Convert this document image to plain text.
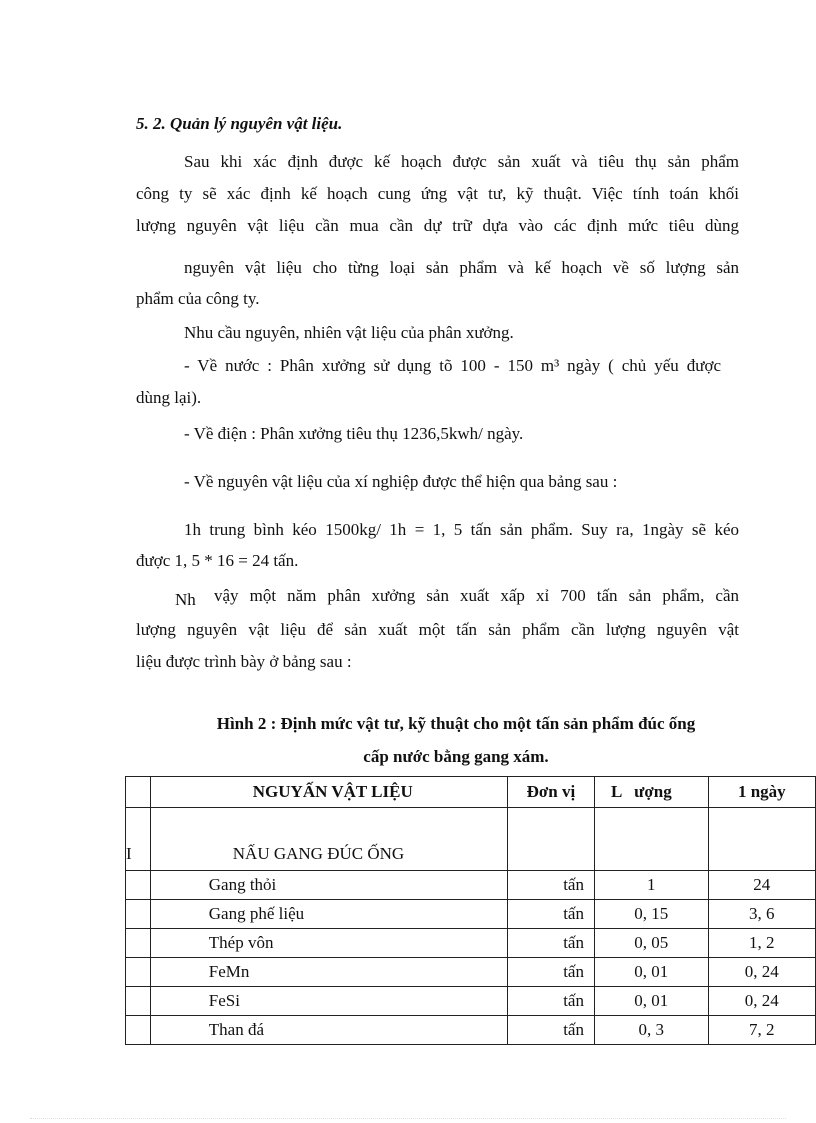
5. 2. Quản lý nguyên vật liệu.
Sau khi xác định được kế hoạch được sản xuất và tiêu thụ sản phẩm
công ty sẽ xác định kế hoạch cung ứng vật tư, kỹ thuật. Việc tính toán khối
lượng nguyên vật liệu cần mua cần dự trữ dựa vào các định mức tiêu dùng
nguyên vật liệu cho từng loại sản phẩm và kế hoạch về số lượng sản
phẩm của công ty.
Nhu cầu nguyên, nhiên vật liệu của phân xưởng.
- Về nước : Phân xưởng sử dụng tõ 100 - 150 m³ ngày ( chủ yếu được
dùng lại).
- Về điện : Phân xưởng tiêu thụ 1236,5kwh/ ngày.
- Về nguyên vật liệu của xí nghiệp được thể hiện qua bảng sau :
1h trung bình kéo 1500kg/ 1h = 1, 5 tấn sản phẩm. Suy ra, 1ngày sẽ kéo
được 1, 5 * 16 = 24 tấn.
Nh vậy một năm phân xưởng sản xuất xấp xỉ 700 tấn sản phẩm, cần
lượng nguyên vật liệu để sản xuất một tấn sản phẩm cần lượng nguyên vật
liệu được trình bày ở bảng sau :
Hình 2 : Định mức vật tư, kỹ thuật cho một tấn sản phẩm đúc ống
cấp nước bằng gang xám.
	NGUYẤN VẬT LIỆU	Đơn vị	L   ượng	1 ngày
I	NẤU GANG ĐÚC ỐNG			
	Gang thỏi	tấn	1	24
	Gang phế liệu	tấn	0, 15	3, 6
	Thép vôn	tấn	0, 05	1, 2
	FeMn	tấn	0, 01	0, 24
	FeSi	tấn	0, 01	0, 24
	Than đá	tấn	0, 3	7, 2
